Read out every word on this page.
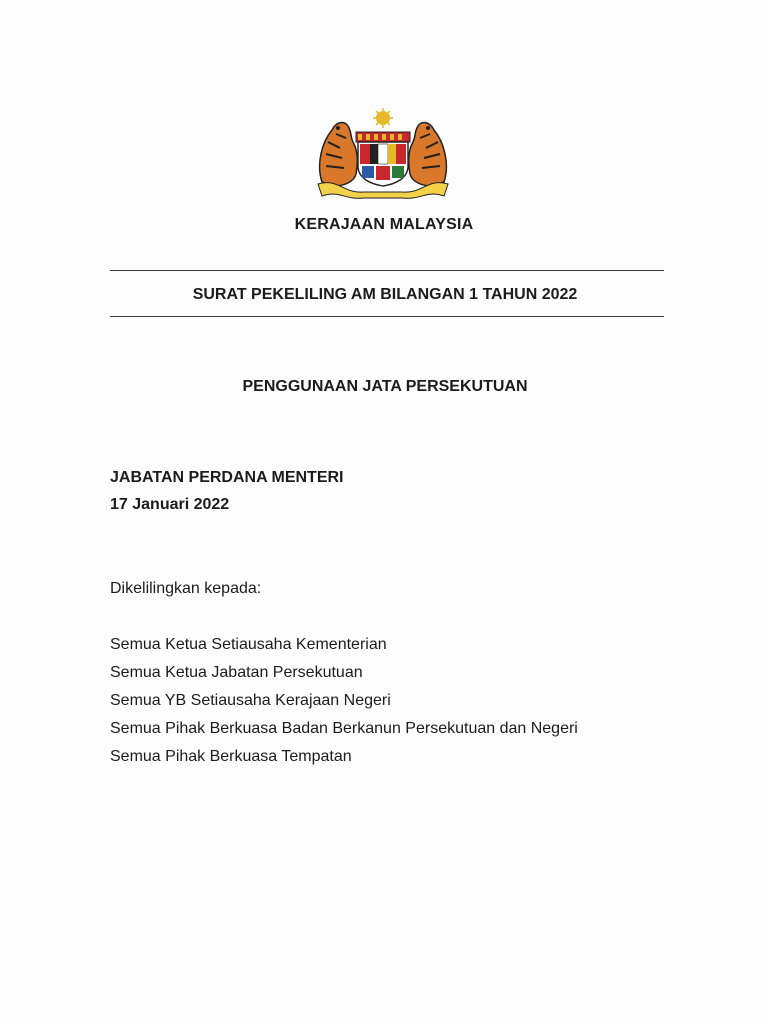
KERAJAAN MALAYSIA
SURAT PEKELILING AM BILANGAN 1 TAHUN 2022
PENGGUNAAN JATA PERSEKUTUAN
JABATAN PERDANA MENTERI
17 Januari 2022
Dikelilingkan kepada:
Semua Ketua Setiausaha Kementerian
Semua Ketua Jabatan Persekutuan
Semua YB Setiausaha Kerajaan Negeri
Semua Pihak Berkuasa Badan Berkanun Persekutuan dan Negeri
Semua Pihak Berkuasa Tempatan
